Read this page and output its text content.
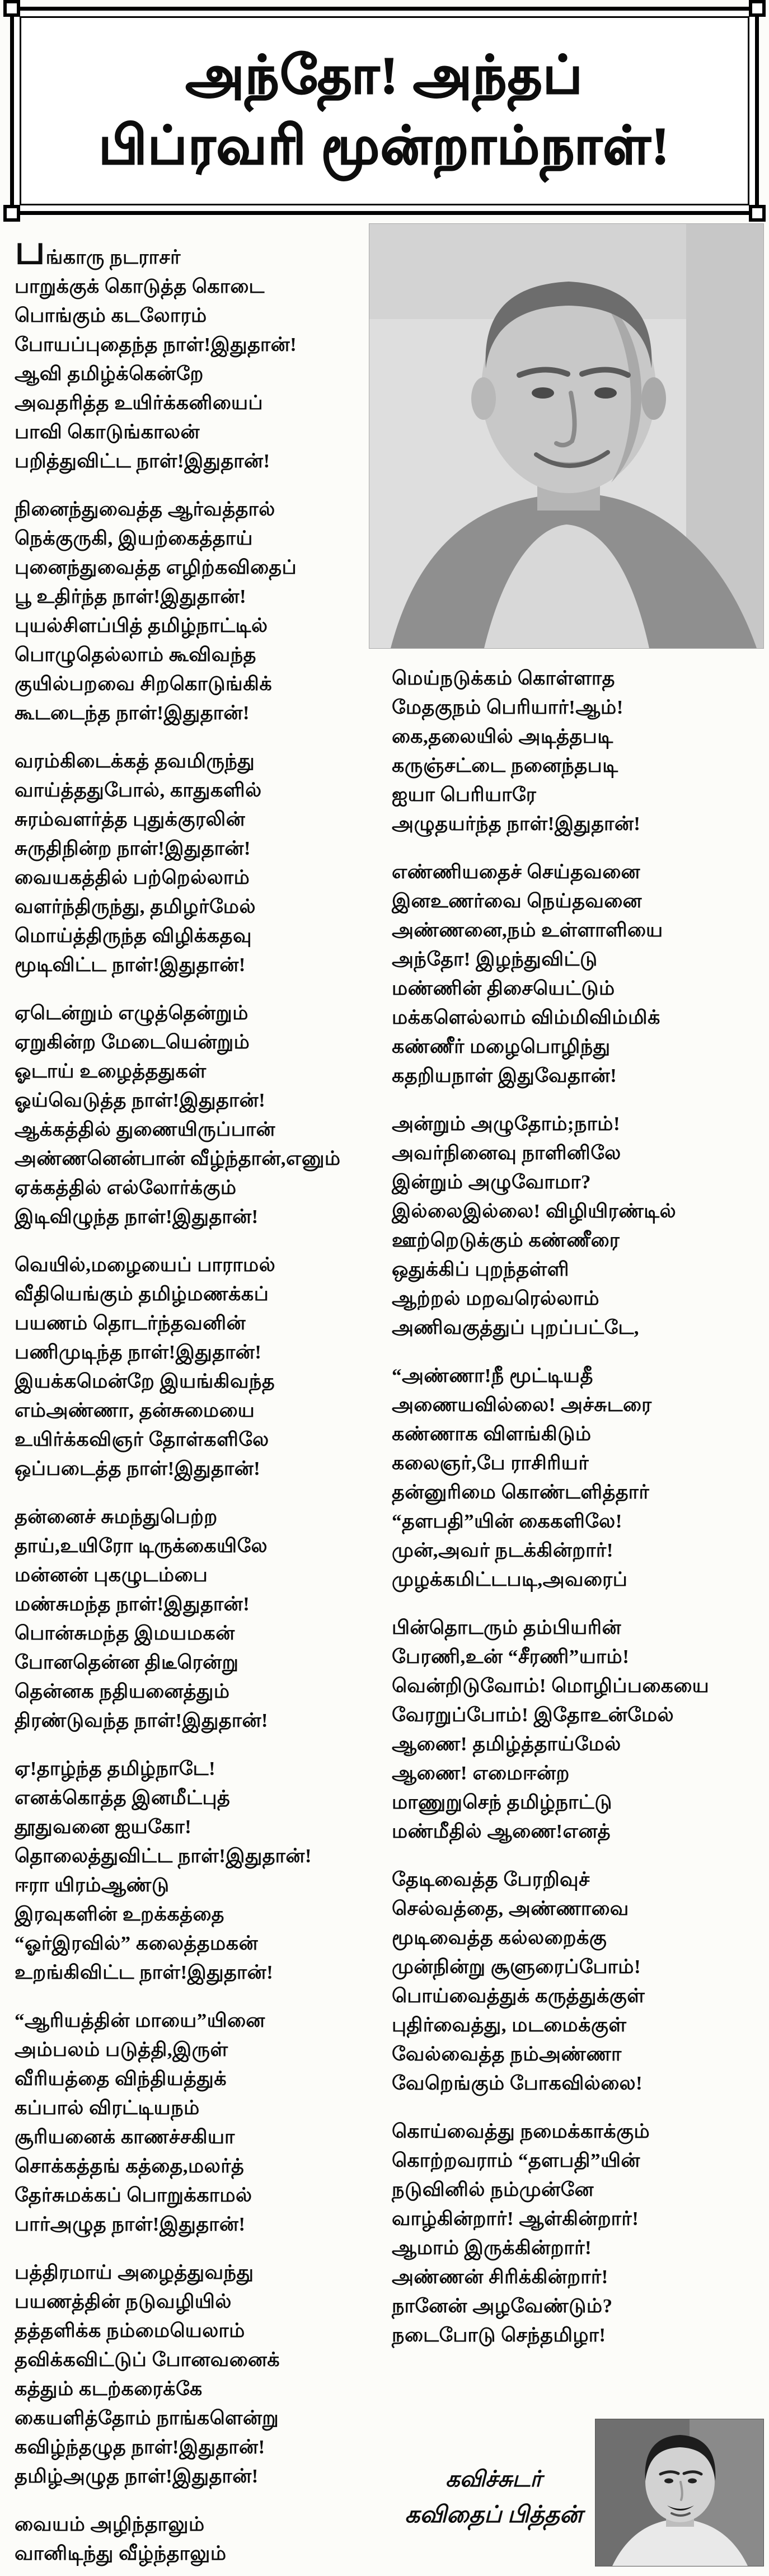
அந்தோ! அந்தப்
பிப்ரவரி மூன்றாம்நாள்!
பங்காரு நடராசர்
பாறுக்குக் கொடுத்த கொடை
பொங்கும் கடலோரம்
போயப்புதைந்த நாள்!இதுதான்!
ஆவி தமிழ்க்கென்றே
அவதரித்த உயிர்க்கனியைப்
பாவி கொடுங்காலன்
பறித்துவிட்ட நாள்!இதுதான்!
நினைந்துவைத்த ஆர்வத்தால்
நெக்குருகி, இயற்கைத்தாய்
புனைந்துவைத்த எழிற்கவிதைப்
பூ உதிர்ந்த நாள்!இதுதான்!
புயல்சிளப்பித் தமிழ்நாட்டில்
பொழுதெல்லாம் கூவிவந்த
குயில்பறவை சிறகொடுங்கிக்
கூடடைந்த நாள்!இதுதான்!
வரம்கிடைக்கத் தவமிருந்து
வாய்த்ததுபோல், காதுகளில்
சுரம்வளர்த்த புதுக்குரலின்
சுருதிநின்ற நாள்!இதுதான்!
வையகத்தில் பற்றெல்லாம்
வளர்ந்திருந்து, தமிழர்மேல்
மொய்த்திருந்த விழிக்கதவு
மூடிவிட்ட நாள்!இதுதான்!
ஏடென்றும் எழுத்தென்றும்
ஏறுகின்ற மேடையென்றும்
ஓடாய் உழைத்ததுகள்
ஓய்வெடுத்த நாள்!இதுதான்!
ஆக்கத்தில் துணையிருப்பான்
அண்ணனென்பான் வீழ்ந்தான்,எனும்
ஏக்கத்தில் எல்லோர்க்கும்
இடிவிழுந்த நாள்!இதுதான்!
வெயில்,மழையைப் பாராமல்
வீதியெங்கும் தமிழ்மணக்கப்
பயணம் தொடர்ந்தவனின்
பணிமுடிந்த நாள்!இதுதான்!
இயக்கமென்றே இயங்கிவந்த
எம்அண்ணா, தன்சுமையை
உயிர்க்கவிஞர் தோள்களிலே
ஒப்படைத்த நாள்!இதுதான்!
தன்னைச் சுமந்துபெற்ற
தாய்,உயிரோ டிருக்கையிலே
மன்னன் புகழுடம்பை
மண்சுமந்த நாள்!இதுதான்!
பொன்சுமந்த இமயமகன்
போனதென்ன திடீரென்று
தென்னக நதியனைத்தும்
திரண்டுவந்த நாள்!இதுதான்!
ஏ!தாழ்ந்த தமிழ்நாடே!
எனக்கொத்த இனமீட்புத்
தூதுவனை ஐயகோ!
தொலைத்துவிட்ட நாள்!இதுதான்!
ஈரா யிரம்ஆண்டு
இரவுகளின் உறக்கத்தை
“ஓர்இரவில்” கலைத்தமகன்
உறங்கிவிட்ட நாள்!இதுதான்!
“ஆரியத்தின் மாயை”யினை
அம்பலம் படுத்தி,இருள்
வீரியத்தை விந்தியத்துக்
கப்பால் விரட்டியநம்
சூரியனைக் காணச்சகியா
சொக்கத்தங் கத்தை,மலர்த்
தேர்சுமக்கப் பொறுக்காமல்
பார்அழுத நாள்!இதுதான்!
பத்திரமாய் அழைத்துவந்து
பயணத்தின் நடுவழியில்
தத்தளிக்க நம்மையெலாம்
தவிக்கவிட்டுப் போனவனைக்
கத்தும் கடற்கரைக்கே
கையளித்தோம் நாங்களென்று
கவிழ்ந்தழுத நாள்!இதுதான்!
தமிழ்அழுத நாள்!இதுதான்!
வையம் அழிந்தாலும்
வானிடிந்து வீழ்ந்தாலும்
மெய்நடுக்கம் கொள்ளாத
மேதகுநம் பெரியார்!ஆம்!
கை,தலையில் அடித்தபடி
கருஞ்சட்டை நனைந்தபடி
ஐயா பெரியாரே
அழுதயர்ந்த நாள்!இதுதான்!
எண்ணியதைச் செய்தவனை
இனஉணர்வை நெய்தவனை
அண்ணனை,நம் உள்ளாளியை
அந்தோ! இழந்துவிட்டு
மண்ணின் திசையெட்டும்
மக்களெல்லாம் விம்மிவிம்மிக்
கண்ணீர் மழைபொழிந்து
கதறியநாள் இதுவேதான்!
அன்றும் அழுதோம்;நாம்!
அவர்நினைவு நாளினிலே
இன்றும் அழுவோமா?
இல்லைஇல்லை! விழியிரண்டில்
ஊற்றெடுக்கும் கண்ணீரை
ஒதுக்கிப் புறந்தள்ளி
ஆற்றல் மறவரெல்லாம்
அணிவகுத்துப் புறப்பட்டே,
“அண்ணா!நீ மூட்டியதீ
அணையவில்லை! அச்சுடரை
கண்ணாக விளங்கிடும்
கலைஞர்,பே ராசிரியர்
தன்னுரிமை கொண்டளித்தார்
“தளபதி”யின் கைகளிலே!
முன்,அவர் நடக்கின்றார்!
முழக்கமிட்டபடி,அவரைப்
பின்தொடரும் தம்பியரின்
பேரணி,உன் “சீரணி”யாம்!
வென்றிடுவோம்! மொழிப்பகையை
வேரறுப்போம்! இதோஉன்மேல்
ஆணை! தமிழ்த்தாய்மேல்
ஆணை! எமைஈன்ற
மாணுறுசெந் தமிழ்நாட்டு
மண்மீதில் ஆணை!எனத்
தேடிவைத்த பேரறிவுச்
செல்வத்தை, அண்ணாவை
மூடிவைத்த கல்லறைக்கு
முன்நின்று சூளுரைப்போம்!
பொய்வைத்துக் கருத்துக்குள்
புதிர்வைத்து, மடமைக்குள்
வேல்வைத்த நம்அண்ணா
வேறெங்கும் போகவில்லை!
கொய்வைத்து நமைக்காக்கும்
கொற்றவராம் “தளபதி”யின்
நடுவினில் நம்முன்னே
வாழ்கின்றார்! ஆள்கின்றார்!
ஆமாம் இருக்கின்றார்!
அண்ணன் சிரிக்கின்றார்!
நானேன் அழவேண்டும்?
நடைபோடு செந்தமிழா!
கவிச்சுடர்
கவிதைப் பித்தன்
